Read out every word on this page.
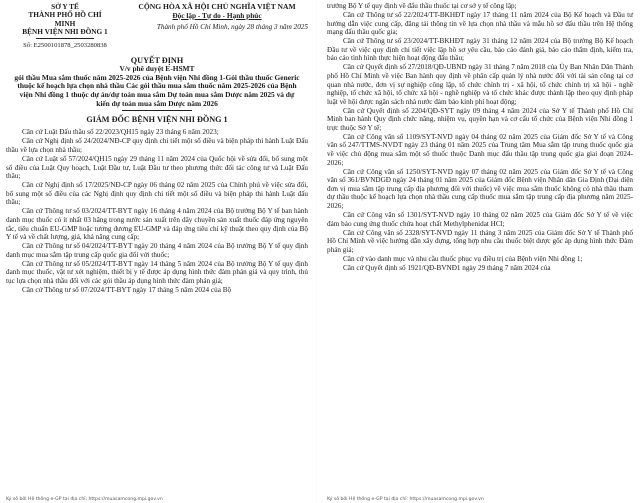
SỞ Y TẾ
THÀNH PHỐ HỒ CHÍ
MINH
BỆNH VIỆN NHI ĐỒNG 1
Số: E2500101878_2503280838
CỘNG HÒA XÃ HỘI CHỦ NGHĨA VIỆT NAM
Độc lập - Tự do - Hạnh phúc
Thành phố Hồ Chí Minh, ngày 28 tháng 3 năm 2025
QUYẾT ĐỊNH
V/v phê duyệt E-HSMT
gói thầu Mua sắm thuốc năm 2025-2026 của Bệnh viện Nhi đồng 1-Gói thầu thuốc Generic thuộc kế hoạch lựa chọn nhà thầu Các gói thầu mua sắm thuốc năm 2025-2026 của Bệnh viện Nhi đồng 1 thuộc dự án/dự toán mua sắm Dự toán mua sắm Dược năm 2025 và dự kiến dự toán mua sắm Dược năm 2026
GIÁM ĐỐC BỆNH VIỆN NHI ĐỒNG 1

Căn cứ Luật Đấu thầu số 22/2023/QH15 ngày 23 tháng 6 năm 2023;

Căn cứ Nghị định số 24/2024/NĐ-CP quy định chi tiết một số điều và biện pháp thi hành Luật Đấu thầu về lựa chọn nhà thầu;

Căn cứ Luật số 57/2024/QH15 ngày 29 tháng 11 năm 2024 của Quốc hội về sửa đổi, bổ sung một số điều của Luật Quy hoạch, Luật Đầu tư, Luật Đầu tư theo phương thức đối tác công tư và Luật Đấu thầu;

Căn cứ Nghị định số 17/2025/NĐ-CP ngày 06 tháng 02 năm 2025 của Chính phủ về việc sửa đổi, bổ sung một số điều của các Nghị định quy định chi tiết một số điều và biện pháp thi hành Luật đấu thầu;

Căn cứ Thông tư số 03/2024/TT-BYT ngày 16 tháng 4 năm 2024 của Bộ trưởng Bộ Y tế ban hành danh mục thuốc có ít nhất 03 hãng trong nước sản xuất trên dây chuyền sản xuất thuốc đáp ứng nguyên tắc, tiêu chuẩn EU-GMP hoặc tương đương EU-GMP và đáp ứng tiêu chí kỹ thuật theo quy định của Bộ Y tế và về chất lượng, giá, khả năng cung cấp;

Căn cứ Thông tư số 04/2024/TT-BYT ngày 20 tháng 4 năm 2024 của Bộ trưởng Bộ Y tế quy định danh mục mua sắm tập trung cấp quốc gia đối với thuốc;

Căn cứ Thông tư số 05/2024/TT-BYT ngày 14 tháng 5 năm 2024 của Bộ trưởng Bộ Y tế quy định danh mục thuốc, vật tư xét nghiệm, thiết bị y tế được áp dụng hình thức đàm phán giá và quy trình, thủ tục lựa chọn nhà thầu đối với các gói thầu áp dụng hình thức đàm phán giá;

Căn cứ Thông tư số 07/2024/TT-BYT ngày 17 tháng 5 năm 2024 của Bộ

trưởng Bộ Y tế quy định về đấu thầu thuốc tại cơ sở y tế công lập;

Căn cứ Thông tư số 22/2024/TT-BKHĐT ngày 17 tháng 11 năm 2024 của Bộ Kế hoạch và Đầu tư hướng dẫn việc cung cấp, đăng tải thông tin về lựa chọn nhà thầu và mẫu hồ sơ đấu thầu trên Hệ thống mạng đấu thầu quốc gia;

Căn cứ Thông tư số 23/2024/TT-BKHĐT ngày 31 tháng 12 năm 2024 của Bộ trưởng Bộ Kế hoạch Đầu tư về việc quy định chi tiết việc lập hồ sơ yêu cầu, báo cáo đánh giá, báo cáo thẩm định, kiểm tra, báo cáo tình hình thực hiện hoạt động đấu thầu;

Căn cứ Quyết định số 27/2018/QĐ-UBND ngày 31 tháng 7 năm 2018 của Ủy Ban Nhân Dân Thành phố Hồ Chí Minh về việc Ban hành quy định về phân cấp quản lý nhà nước đối với tài sản công tại cơ quan nhà nước, đơn vị sự nghiệp công lập, tổ chức chính trị - xã hội, tổ chức chính trị xã hội - nghề nghiệp, tổ chức xã hội, tổ chức xã hội - nghề nghiệp và tổ chức khác được thành lập theo quy định pháp luật về hội được ngân sách nhà nước đảm bảo kinh phí hoạt động;

Căn cứ Quyết định số 2204/QĐ-SYT ngày 09 tháng 4 năm 2024 của Sở Y tế Thành phố Hồ Chí Minh ban hành Quy định chức năng, nhiệm vụ, quyền hạn và cơ cấu tổ chức của Bệnh viện Nhi đồng 1 trực thuộc Sở Y tế;

Căn cứ Công văn số 1109/SYT-NVD ngày 04 tháng 02 năm 2025 của Giám đốc Sở Y tế và Công văn số 247/TTMS-NVDT ngày 23 tháng 01 năm 2025 của Trung tâm Mua sắm tập trung thuốc quốc gia về việc chủ động mua sắm một số thuốc thuộc Danh mục đấu thầu tập trung quốc gia giai đoạn 2024-2026;

Căn cứ Công văn số 1250/SYT-NVD ngày 07 tháng 02 năm 2025 của Giám đốc Sở Y tế và Công văn số 361/BVNDGĐ ngày 24 tháng 01 năm 2025 của Giám đốc Bệnh viện Nhân dân Gia Định (Đại diện đơn vị mua sắm tập trung cấp địa phương đối với thuốc) về việc mua sắm thuốc không có nhà thầu tham dự thầu thuộc kế hoạch lựa chọn nhà thầu cung cấp thuốc mua sắm tập trung cấp địa phương năm 2025-2026;

Căn cứ Công văn số 1301/SYT-NVD ngày 10 tháng 02 năm 2025 của Giám đốc Sở Y tế về việc đảm bảo cung ứng thuốc chứa hoạt chất Methylphenidat HCl;

Căn cứ Công văn số 2328/SYT-NVD ngày 11 tháng 3 năm 2025 của Giám đốc Sở Y tế Thành phố Hồ Chí Minh về việc hướng dẫn xây dựng, tổng hợp nhu cầu thuốc biệt dược gốc áp dụng hình thức Đàm phán giá;

Căn cứ vào danh mục và nhu cầu thuốc phục vụ điều trị của Bệnh viện Nhi đồng 1;

Căn cứ Quyết định số 1921/QĐ-BVNĐ1 ngày 29 tháng 7 năm 2024 của

Ký số bởi Hệ thống e-GP tại địa chỉ: https://muasamcong.mpi.gov.vn	Ký số bởi Hệ thống e-GP tại địa chỉ: https://muasamcong.mpi.gov.vn
